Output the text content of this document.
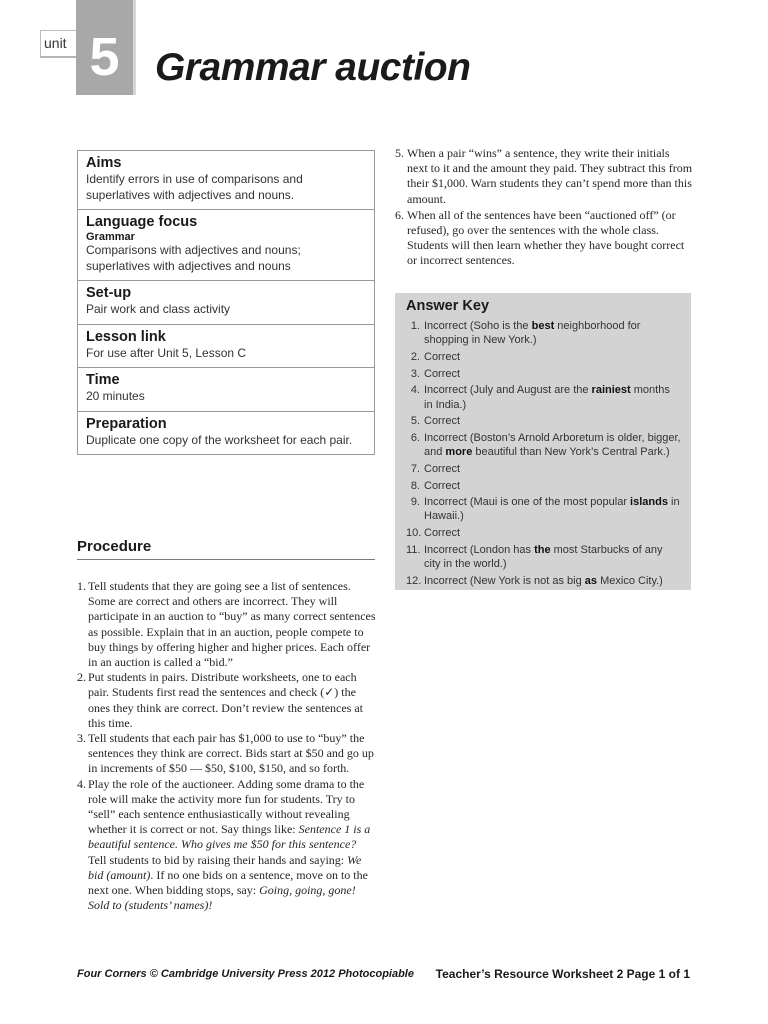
unit 5 Grammar auction
Aims
Identify errors in use of comparisons and superlatives with adjectives and nouns.
Language focus
Grammar
Comparisons with adjectives and nouns; superlatives with adjectives and nouns
Set-up
Pair work and class activity
Lesson link
For use after Unit 5, Lesson C
Time
20 minutes
Preparation
Duplicate one copy of the worksheet for each pair.
Procedure
1. Tell students that they are going see a list of sentences. Some are correct and others are incorrect. They will participate in an auction to “buy” as many correct sentences as possible. Explain that in an auction, people compete to buy things by offering higher and higher prices. Each offer in an auction is called a “bid.”
2. Put students in pairs. Distribute worksheets, one to each pair. Students first read the sentences and check (✓) the ones they think are correct. Don’t review the sentences at this time.
3. Tell students that each pair has $1,000 to use to “buy” the sentences they think are correct. Bids start at $50 and go up in increments of $50 — $50, $100, $150, and so forth.
4. Play the role of the auctioneer. Adding some drama to the role will make the activity more fun for students. Try to “sell” each sentence enthusiastically without revealing whether it is correct or not. Say things like: Sentence 1 is a beautiful sentence. Who gives me $50 for this sentence? Tell students to bid by raising their hands and saying: We bid (amount). If no one bids on a sentence, move on to the next one. When bidding stops, say: Going, going, gone! Sold to (students’ names)!
5. When a pair “wins” a sentence, they write their initials next to it and the amount they paid. They subtract this from their $1,000. Warn students they can’t spend more than this amount.
6. When all of the sentences have been “auctioned off” (or refused), go over the sentences with the whole class. Students will then learn whether they have bought correct or incorrect sentences.
Answer Key
1. Incorrect (Soho is the best neighborhood for shopping in New York.)
2. Correct
3. Correct
4. Incorrect (July and August are the rainiest months in India.)
5. Correct
6. Incorrect (Boston’s Arnold Arboretum is older, bigger, and more beautiful than New York’s Central Park.)
7. Correct
8. Correct
9. Incorrect (Maui is one of the most popular islands in Hawaii.)
10. Correct
11. Incorrect (London has the most Starbucks of any city in the world.)
12. Incorrect (New York is not as big as Mexico City.)
Four Corners © Cambridge University Press 2012 Photocopiable Teacher’s Resource Worksheet 2 Page 1 of 1
